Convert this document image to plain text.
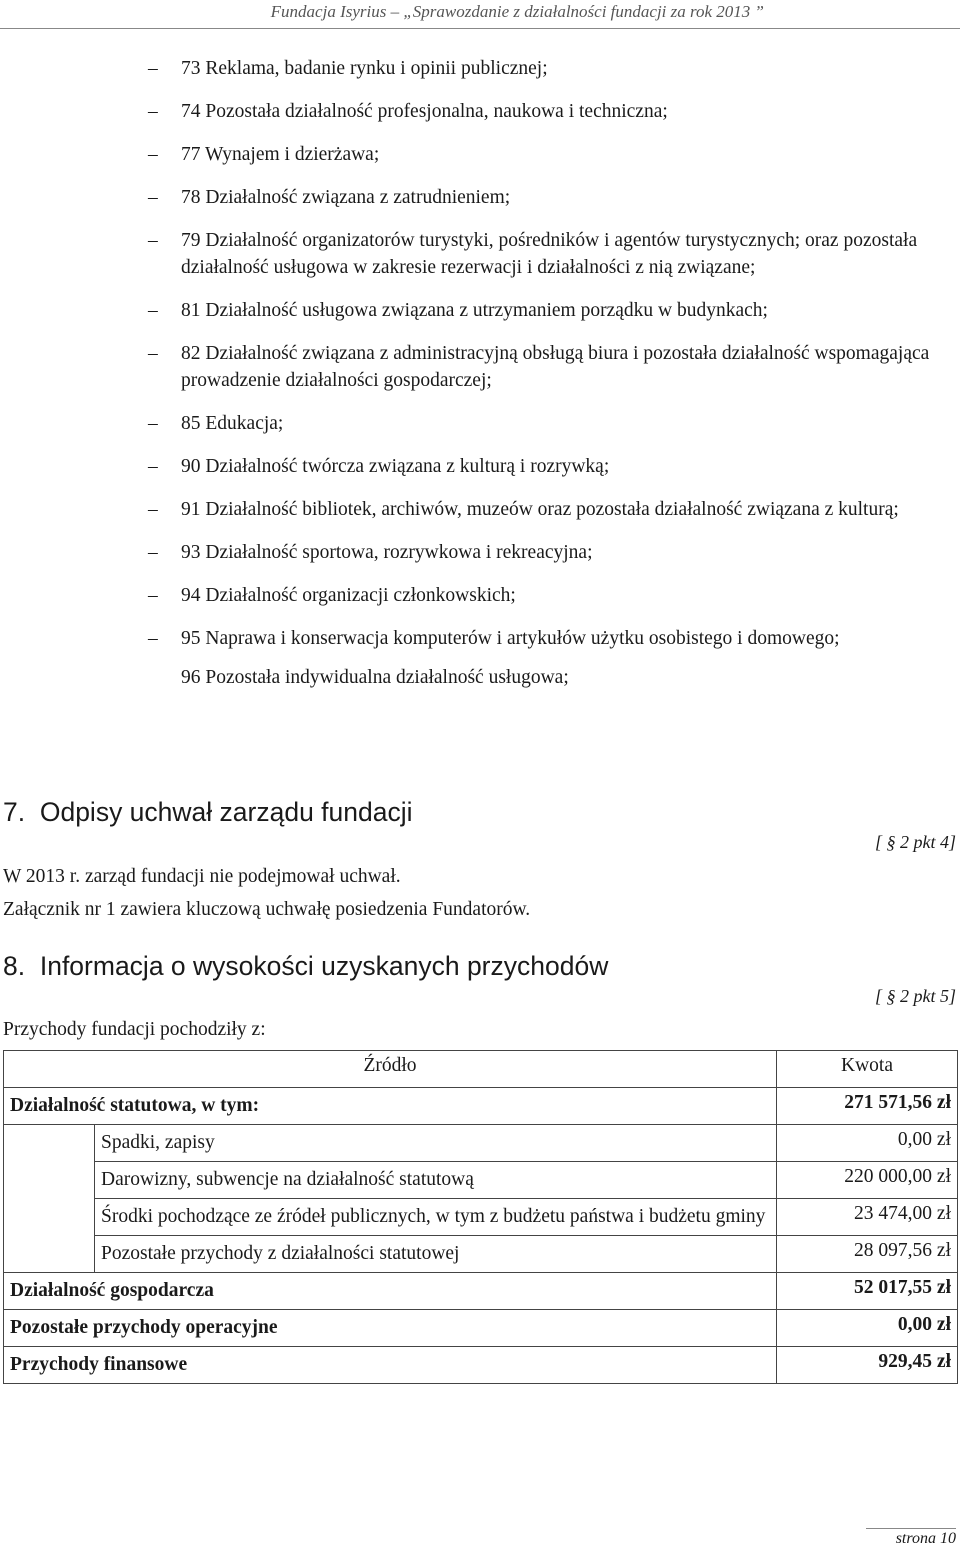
Fundacja Isyrius – „Sprawozdanie z działalności fundacji za rok 2013 ”
– 73 Reklama, badanie rynku i opinii publicznej;
– 74 Pozostała działalność profesjonalna, naukowa i techniczna;
– 77 Wynajem i dzierżawa;
– 78 Działalność związana z zatrudnieniem;
– 79 Działalność organizatorów turystyki, pośredników i agentów turystycznych; oraz pozostała działalność usługowa w zakresie rezerwacji i działalności z nią związane;
– 81 Działalność usługowa związana z utrzymaniem porządku w budynkach;
– 82 Działalność związana z administracyjną obsługą biura i pozostała działalność wspomagająca prowadzenie działalności gospodarczej;
– 85 Edukacja;
– 90 Działalność twórcza związana z kulturą i rozrywką;
– 91 Działalność bibliotek, archiwów, muzeów oraz pozostała działalność związana z kulturą;
– 93 Działalność sportowa, rozrywkowa i rekreacyjna;
– 94 Działalność organizacji członkowskich;
– 95 Naprawa i konserwacja komputerów i artykułów użytku osobistego i domowego;
96 Pozostała indywidualna działalność usługowa;
7. Odpisy uchwał zarządu fundacji
[ § 2 pkt 4]
W 2013 r. zarząd fundacji nie podejmował uchwał.
Załącznik nr 1 zawiera kluczową uchwałę posiedzenia Fundatorów.
8. Informacja o wysokości uzyskanych przychodów
[ § 2 pkt 5]
Przychody fundacji pochodziły z:
Źródło		Kwota
Działalność statutowa, w tym:		271 571,56 zł
	Spadki, zapisy	0,00 zł
	Darowizny, subwencje na działalność statutową	220 000,00 zł
	Środki pochodzące ze źródeł publicznych, w tym z budżetu państwa i budżetu gminy	23 474,00 zł
	Pozostałe przychody z działalności statutowej	28 097,56 zł
Działalność gospodarcza		52 017,55 zł
Pozostałe przychody operacyjne		0,00 zł
Przychody finansowe		929,45 zł
strona 10
